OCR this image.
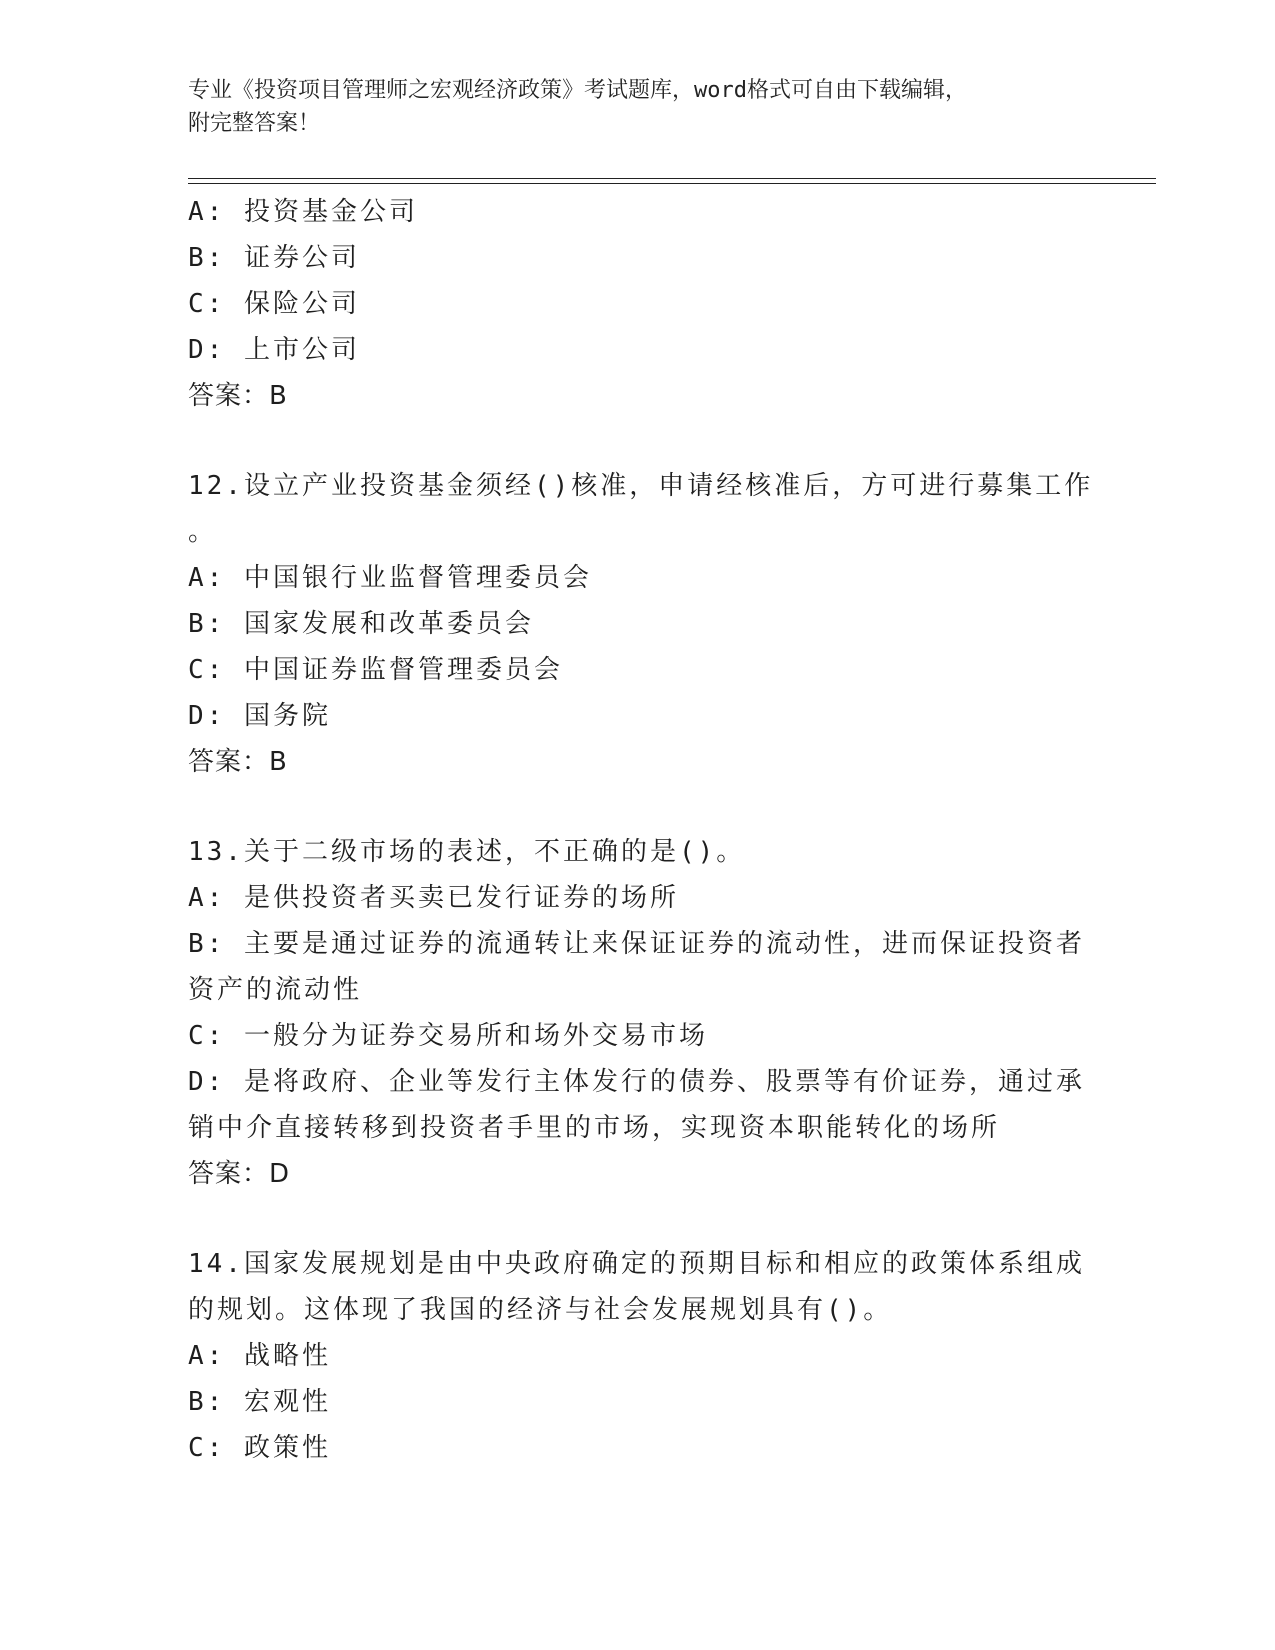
专业《投资项目管理师之宏观经济政策》考试题库，word格式可自由下载编辑，
附完整答案！
A: 投资基金公司
B: 证券公司
C: 保险公司
D: 上市公司
答案：B
12.设立产业投资基金须经()核准，申请经核准后，方可进行募集工作
。
A: 中国银行业监督管理委员会
B: 国家发展和改革委员会
C: 中国证券监督管理委员会
D: 国务院
答案：B
13.关于二级市场的表述，不正确的是()。
A: 是供投资者买卖已发行证券的场所
B: 主要是通过证券的流通转让来保证证券的流动性，进而保证投资者
资产的流动性
C: 一般分为证券交易所和场外交易市场
D: 是将政府、企业等发行主体发行的债券、股票等有价证券，通过承
销中介直接转移到投资者手里的市场，实现资本职能转化的场所
答案：D
14.国家发展规划是由中央政府确定的预期目标和相应的政策体系组成
的规划。这体现了我国的经济与社会发展规划具有()。
A: 战略性
B: 宏观性
C: 政策性
